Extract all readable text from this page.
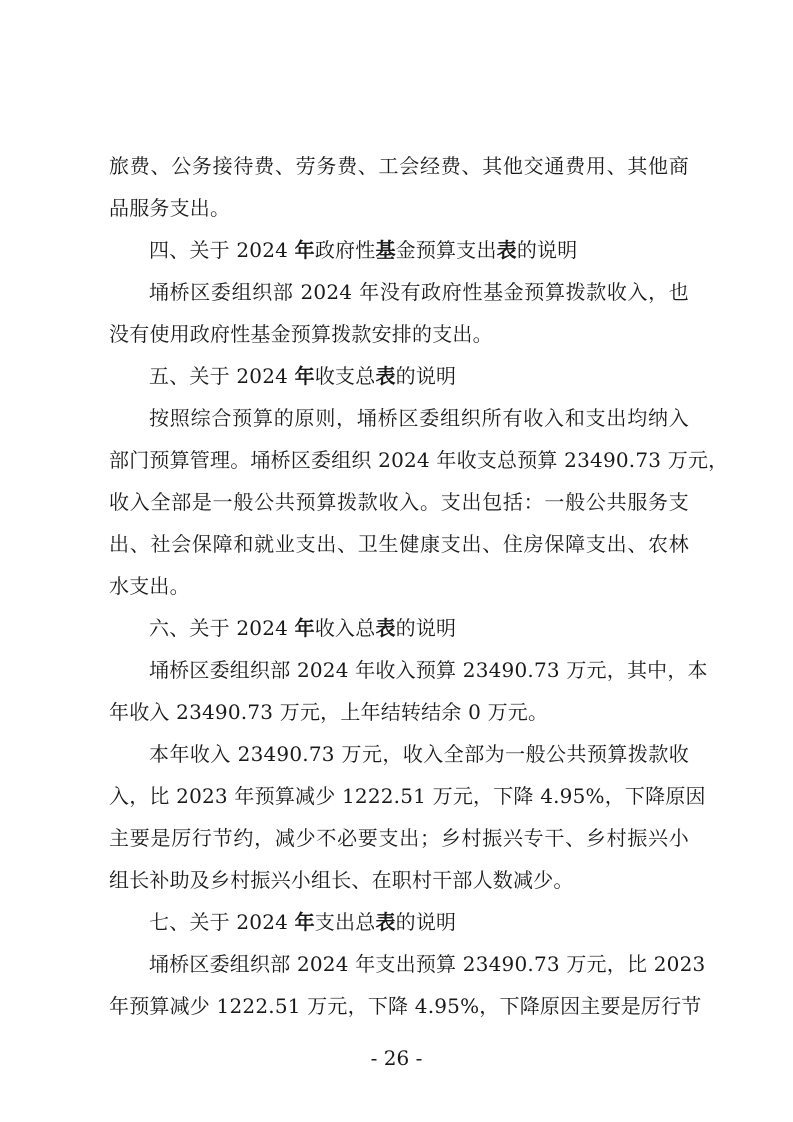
旅费、公务接待费、劳务费、工会经费、其他交通费用、其他商
品服务支出。
四、关于 2024 年政府性基金预算支出表的说明
埇桥区委组织部 2024 年没有政府性基金预算拨款收入，也
没有使用政府性基金预算拨款安排的支出。
五、关于 2024 年收支总表的说明
按照综合预算的原则，埇桥区委组织所有收入和支出均纳入
部门预算管理。埇桥区委组织 2024 年收支总预算 23490.73 万元，
收入全部是一般公共预算拨款收入。支出包括：一般公共服务支
出、社会保障和就业支出、卫生健康支出、住房保障支出、农林
水支出。
六、关于 2024 年收入总表的说明
埇桥区委组织部 2024 年收入预算 23490.73 万元，其中，本
年收入 23490.73 万元，上年结转结余 0 万元。
本年收入 23490.73 万元，收入全部为一般公共预算拨款收
入，比 2023 年预算减少 1222.51 万元，下降 4.95%，下降原因
主要是厉行节约，减少不必要支出；乡村振兴专干、乡村振兴小
组长补助及乡村振兴小组长、在职村干部人数减少。
七、关于 2024 年支出总表的说明
埇桥区委组织部 2024 年支出预算 23490.73 万元，比 2023
年预算减少 1222.51 万元，下降 4.95%，下降原因主要是厉行节
- 26 -
